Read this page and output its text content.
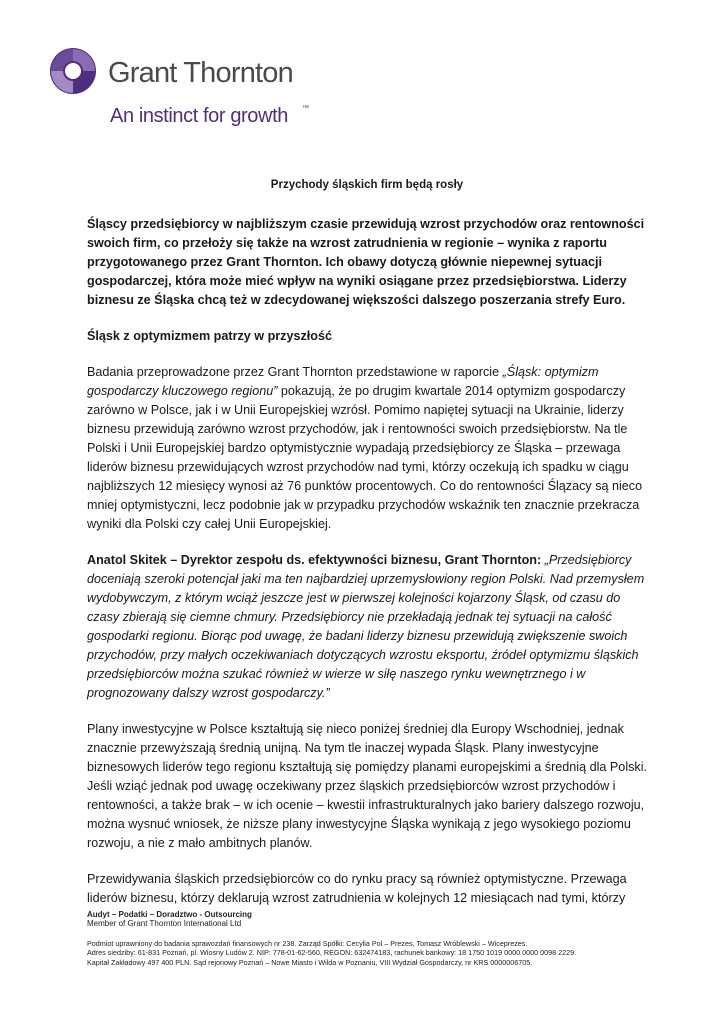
Grant Thornton
An instinct for growth ™

Przychody śląskich firm będą rosły

Śląscy przedsiębiorcy w najbliższym czasie przewidują wzrost przychodów oraz rentowności swoich firm, co przełoży się także na wzrost zatrudnienia w regionie – wynika z raportu przygotowanego przez Grant Thornton. Ich obawy dotyczą głównie niepewnej sytuacji gospodarczej, która może mieć wpływ na wyniki osiągane przez przedsiębiorstwa. Liderzy biznesu ze Śląska chcą też w zdecydowanej większości dalszego poszerzania strefy Euro.

Śląsk z optymizmem patrzy w przyszłość

Badania przeprowadzone przez Grant Thornton przedstawione w raporcie „Śląsk: optymizm gospodarczy kluczowego regionu” pokazują, że po drugim kwartale 2014 optymizm gospodarczy zarówno w Polsce, jak i w Unii Europejskiej wzrósł. Pomimo napiętej sytuacji na Ukrainie, liderzy biznesu przewidują zarówno wzrost przychodów, jak i rentowności swoich przedsiębiorstw. Na tle Polski i Unii Europejskiej bardzo optymistycznie wypadają przedsiębiorcy ze Śląska – przewaga liderów biznesu przewidujących wzrost przychodów nad tymi, którzy oczekują ich spadku w ciągu najbliższych 12 miesięcy wynosi aż 76 punktów procentowych. Co do rentowności Ślązacy są nieco mniej optymistyczni, lecz podobnie jak w przypadku przychodów wskaźnik ten znacznie przekracza wyniki dla Polski czy całej Unii Europejskiej.

Anatol Skitek – Dyrektor zespołu ds. efektywności biznesu, Grant Thornton: „Przedsiębiorcy doceniają szeroki potencjał jaki ma ten najbardziej uprzemysłowiony region Polski. Nad przemysłem wydobywczym, z którym wciąż jeszcze jest w pierwszej kolejności kojarzony Śląsk, od czasu do czasy zbierają się ciemne chmury. Przedsiębiorcy nie przekładają jednak tej sytuacji na całość gospodarki regionu. Biorąc pod uwagę, że badani liderzy biznesu przewidują zwiększenie swoich przychodów, przy małych oczekiwaniach dotyczących wzrostu eksportu, źródeł optymizmu śląskich przedsiębiorców można szukać również w wierze w siłę naszego rynku wewnętrznego i w prognozowany dalszy wzrost gospodarczy.”

Plany inwestycyjne w Polsce kształtują się nieco poniżej średniej dla Europy Wschodniej, jednak znacznie przewyższają średnią unijną. Na tym tle inaczej wypada Śląsk. Plany inwestycyjne biznesowych liderów tego regionu kształtują się pomiędzy planami europejskimi a średnią dla Polski. Jeśli wziąć jednak pod uwagę oczekiwany przez śląskich przedsiębiorców wzrost przychodów i rentowności, a także brak – w ich ocenie – kwestii infrastrukturalnych jako bariery dalszego rozwoju, można wysnuć wniosek, że niższe plany inwestycyjne Śląska wynikają z jego wysokiego poziomu rozwoju, a nie z mało ambitnych planów.

Przewidywania śląskich przedsiębiorców co do rynku pracy są również optymistyczne. Przewaga liderów biznesu, którzy deklarują wzrost zatrudnienia w kolejnych 12 miesiącach nad tymi, którzy

Audyt – Podatki – Doradztwo - Outsourcing
Member of Grant Thornton International Ltd
Podmiot uprawniony do badania sprawozdań finansowych nr 238. Zarząd Spółki: Cecylia Pol – Prezes, Tomasz Wróblewski – Wiceprezes.
Adres siedziby: 61-831 Poznań, pl. Wiosny Ludów 2. NIP: 778-01-62-560, REGON: 632474183, rachunek bankowy: 18 1750 1019 0000 0000 0098 2229.
Kapitał Zakładowy 497 400 PLN. Sąd rejonowy Poznań – Nowe Miasto i Wilda w Poznaniu, VIII Wydział Gospodarczy, nr KRS 0000006705.
